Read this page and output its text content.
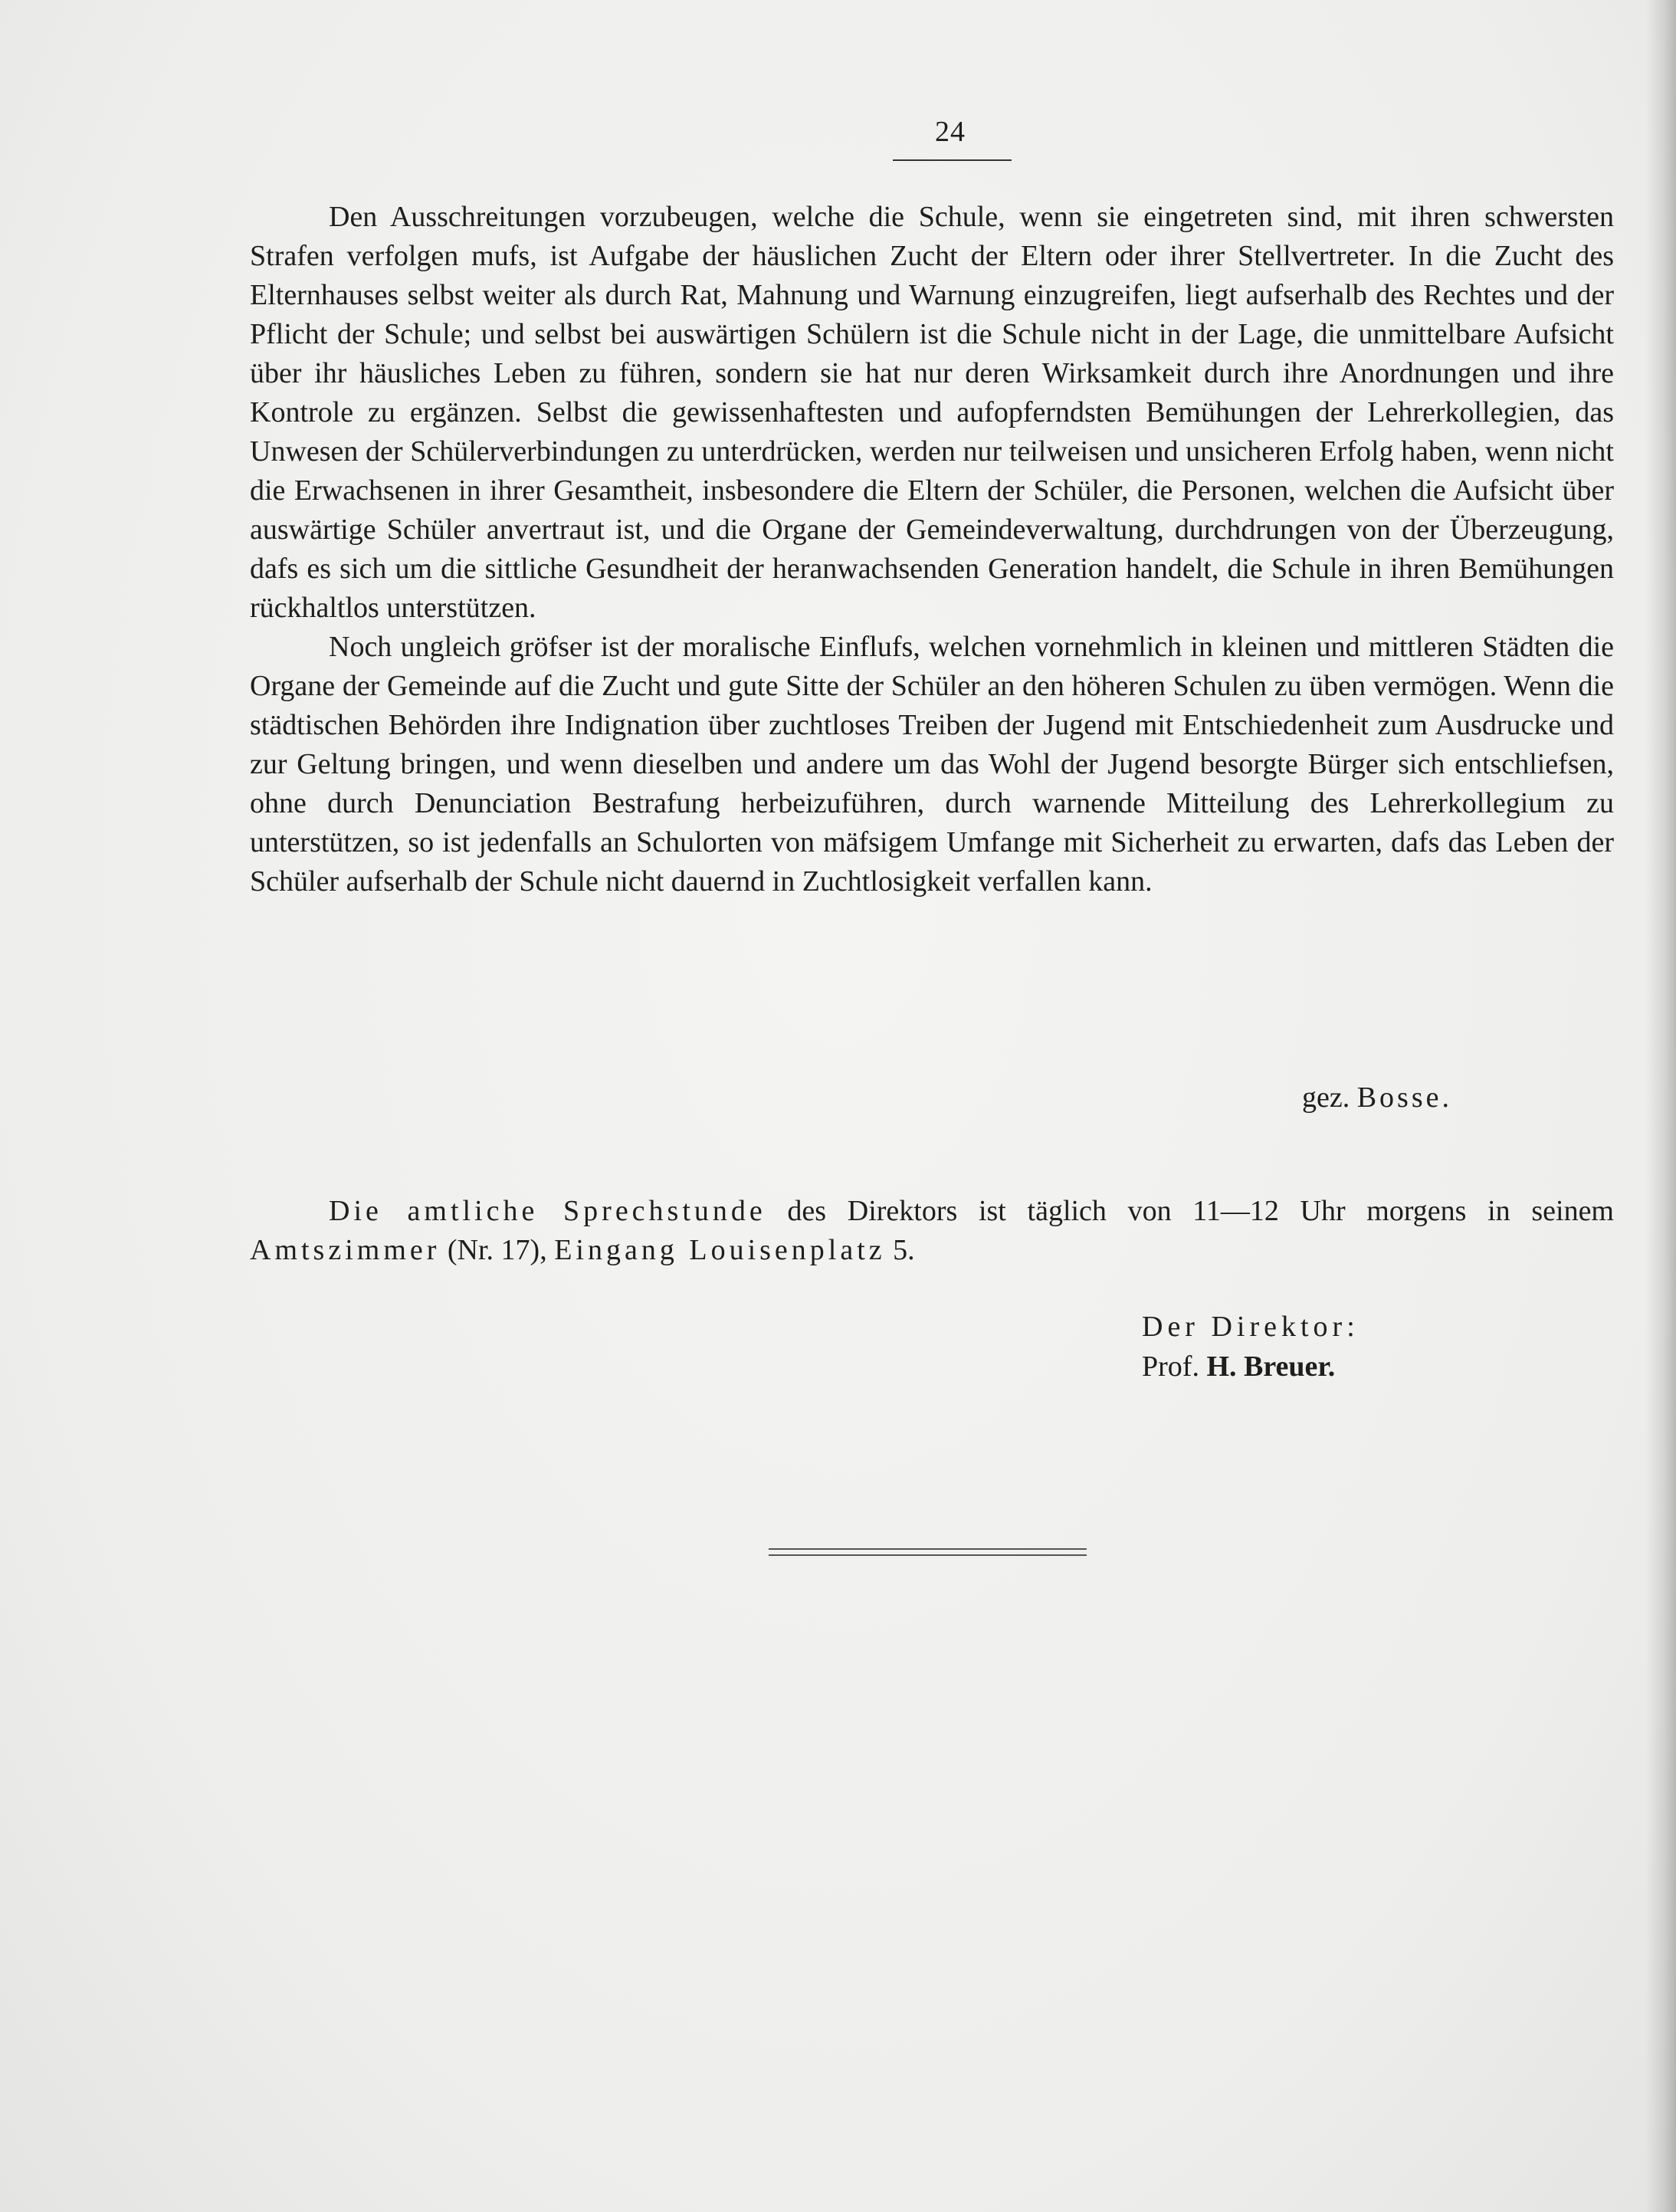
24

Den Ausschreitungen vorzubeugen, welche die Schule, wenn sie eingetreten sind, mit ihren schwersten Strafen verfolgen mufs, ist Aufgabe der häuslichen Zucht der Eltern oder ihrer Stellvertreter. In die Zucht des Elternhauses selbst weiter als durch Rat, Mahnung und Warnung einzugreifen, liegt aufserhalb des Rechtes und der Pflicht der Schule; und selbst bei auswärtigen Schülern ist die Schule nicht in der Lage, die unmittelbare Aufsicht über ihr häusliches Leben zu führen, sondern sie hat nur deren Wirksamkeit durch ihre Anordnungen und ihre Kontrole zu ergänzen. Selbst die gewissenhaftesten und aufopferndsten Bemühungen der Lehrerkollegien, das Unwesen der Schülerverbindungen zu unterdrücken, werden nur teilweisen und unsicheren Erfolg haben, wenn nicht die Erwachsenen in ihrer Gesamtheit, insbesondere die Eltern der Schüler, die Personen, welchen die Aufsicht über auswärtige Schüler anvertraut ist, und die Organe der Gemeindeverwaltung, durchdrungen von der Überzeugung, dafs es sich um die sittliche Gesundheit der heranwachsenden Generation handelt, die Schule in ihren Bemühungen rückhaltlos unterstützen.

Noch ungleich gröfser ist der moralische Einflufs, welchen vornehmlich in kleinen und mittleren Städten die Organe der Gemeinde auf die Zucht und gute Sitte der Schüler an den höheren Schulen zu üben vermögen. Wenn die städtischen Behörden ihre Indignation über zuchtloses Treiben der Jugend mit Entschiedenheit zum Ausdrucke und zur Geltung bringen, und wenn dieselben und andere um das Wohl der Jugend besorgte Bürger sich entschliefsen, ohne durch Denunciation Bestrafung herbeizuführen, durch warnende Mitteilung des Lehrerkollegium zu unterstützen, so ist jedenfalls an Schulorten von mäfsigem Umfange mit Sicherheit zu erwarten, dafs das Leben der Schüler aufserhalb der Schule nicht dauernd in Zuchtlosigkeit verfallen kann.

gez. Bosse.

Die amtliche Sprechstunde des Direktors ist täglich von 11—12 Uhr morgens in seinem Amtszimmer (Nr. 17), Eingang Louisenplatz 5.

Der Direktor:
Prof. H. Breuer.
